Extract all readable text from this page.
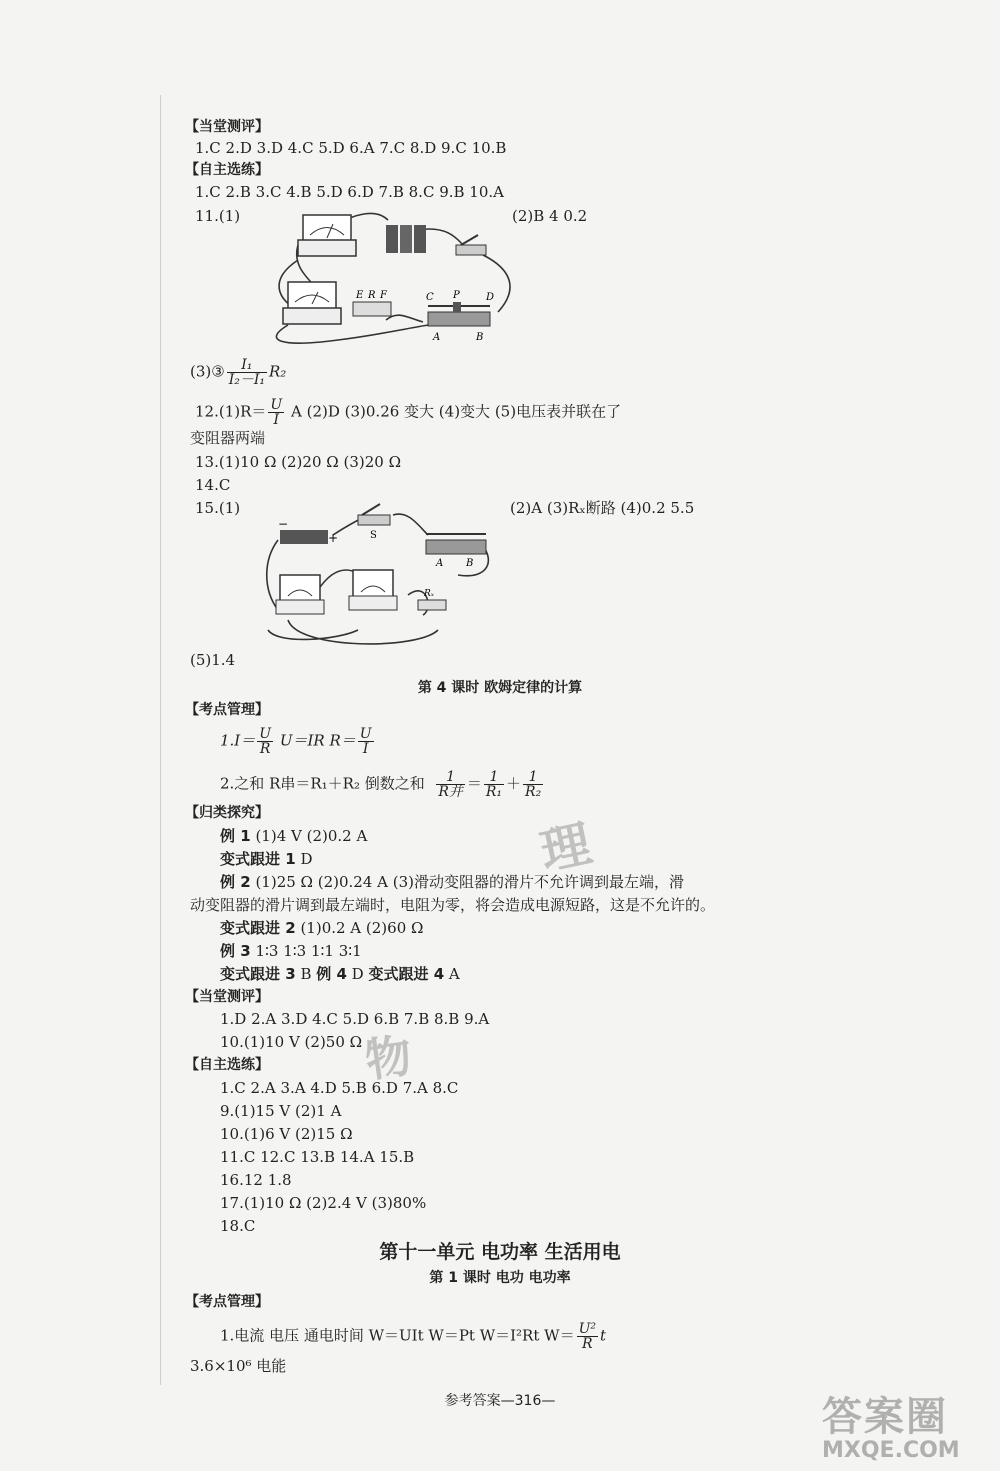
【当堂测评】
1.C 2.D 3.D 4.C 5.D 6.A 7.C 8.D 9.C 10.B
【自主选练】
1.C 2.B 3.C 4.B 5.D 6.D 7.B 8.C 9.B 10.A
11.(1)	(2)B 4 0.2
E R F	C P	D
A	B
(3)③ $\frac{\text{I₁}}{\text{I₂－I₁}} R_2$
$12.(1)R= \frac{U}{I}$ A (2)D (3)0.26 变大 (4)变大 (5)电压表并联在了
变阻器两端
13.(1)10 Ω (2)20 Ω (3)20 Ω
14.C
15.(1)	(2)A (3)Rₓ断路 (4)0.2 5.5
−
+	S
A B
Rₓ
(5)1.4
第 4 课时 欧姆定律的计算
【考点管理】
$1.I= \frac{U}{R} U=IR$ $R= \frac{U}{I}$
2.之和 R串＝R₁＋R₂ 倒数之和 $\frac{1}{\text{R并}} = \frac{1}{\text{R₁}} + \frac{1}{\text{R₂}}$
【归类探究】
例 1 (1)4 V (2)0.2 A
变式跟进 1 D
例 2 (1)25 Ω (2)0.24 A (3)滑动变阻器的滑片不允许调到最左端，滑
动变阻器的滑片调到最左端时，电阻为零，将会造成电源短路，这是不允许的。
变式跟进 2 (1)0.2 A (2)60 Ω
例 3 1∶3 1∶3 1∶1 3∶1
变式跟进 3 B 例 4 D 变式跟进 4 A
【当堂测评】
1.D 2.A 3.D 4.C 5.D 6.B 7.B 8.B 9.A
10.(1)10 V (2)50 Ω
【自主选练】
1.C 2.A 3.A 4.D 5.B 6.D 7.A 8.C
9.(1)15 V (2)1 A
10.(1)6 V (2)15 Ω
11.C 12.C 13.B 14.A 15.B
16.12 1.8
17.(1)10 Ω (2)2.4 V (3)80%
18.C
第十一单元 电功率 生活用电
第 1 课时 电功 电功率
【考点管理】
1.电流 电压 通电时间 W＝UIt W＝Pt W＝I²Rt $W= \frac{\text{U²}}{R}$ t
3.6×10⁶ 电能
理
物
参考答案—316—	答案圈
MXQE.COM
